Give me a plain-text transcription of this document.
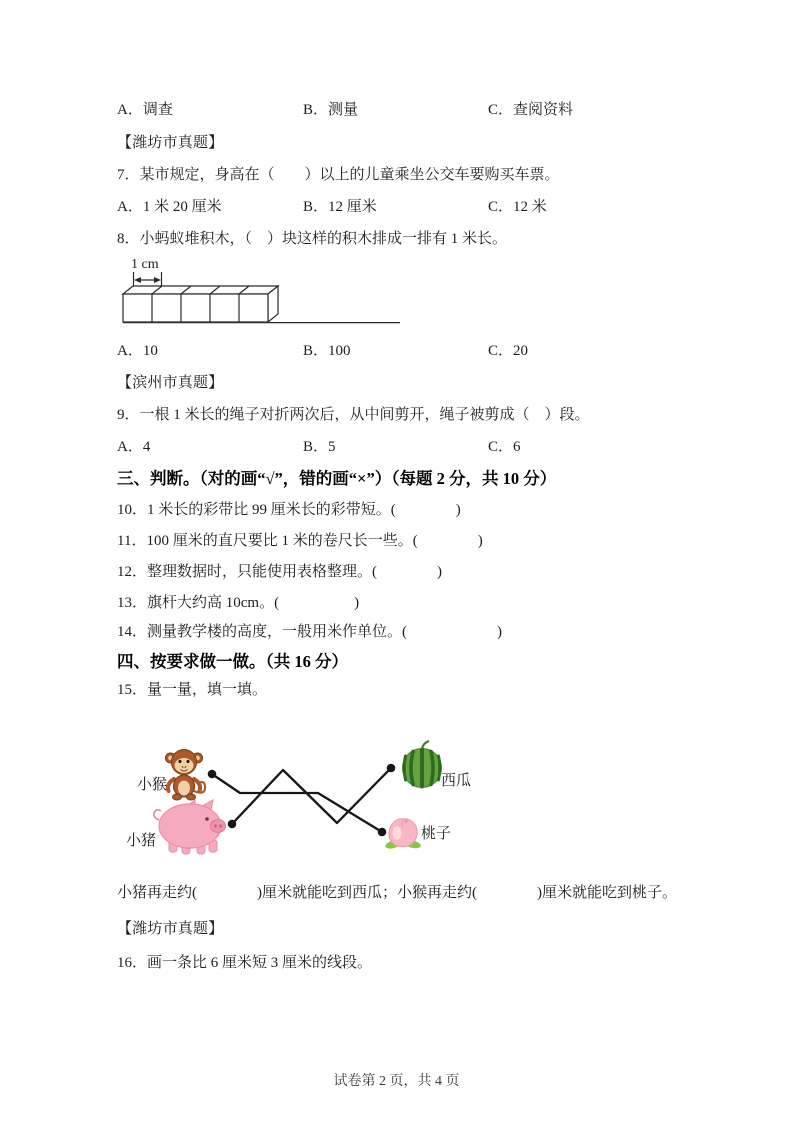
A．调查	B．测量	C．查阅资料
【潍坊市真题】
7．某市规定，身高在（　　）以上的儿童乘坐公交车要购买车票。
A．1 米 20 厘米	B．12 厘米	C．12 米
8．小蚂蚁堆积木，（　）块这样的积木排成一排有 1 米长。
1 cm
A．10	B．100	C．20
【滨州市真题】
9．一根 1 米长的绳子对折两次后，从中间剪开，绳子被剪成（　）段。
A．4	B．5	C．6
三、判断。（对的画“√”，错的画“×”）（每题 2 分，共 10 分）
10．1 米长的彩带比 99 厘米长的彩带短。(　　　　)
11．100 厘米的直尺要比 1 米的卷尺长一些。(　　　　)
12．整理数据时，只能使用表格整理。(　　　　)
13．旗杆大约高 10cm。(　　　　　)
14．测量教学楼的高度，一般用米作单位。(　　　　　　)
四、按要求做一做。（共 16 分）
15．量一量，填一填。
小猴
小猪
西瓜
桃子
小猪再走约(　　　　)厘米就能吃到西瓜；小猴再走约(　　　　)厘米就能吃到桃子。
【潍坊市真题】
16．画一条比 6 厘米短 3 厘米的线段。
试卷第 2 页，共 4 页
